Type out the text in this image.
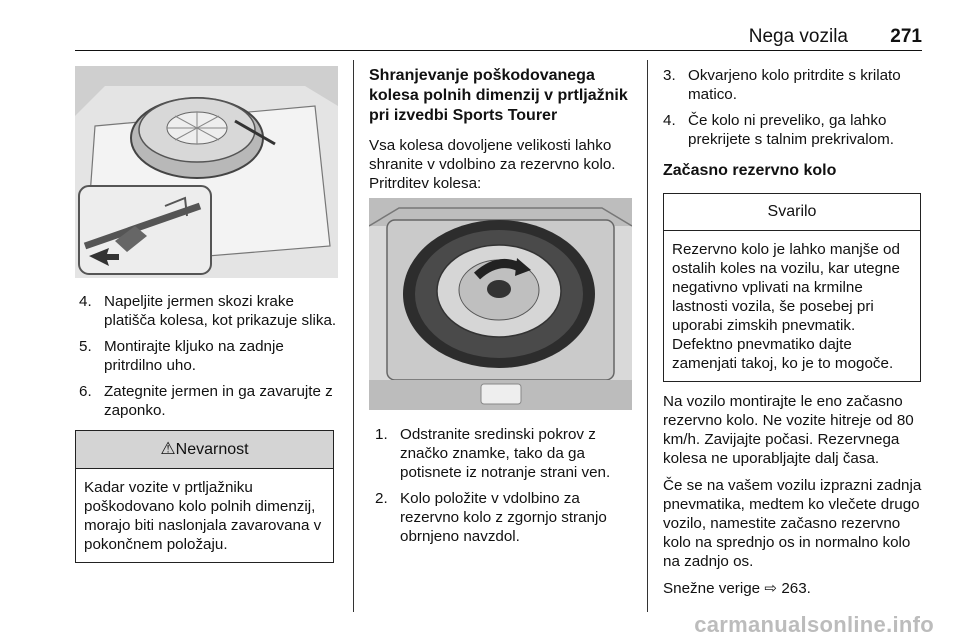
Nega vozila 271
4. Napeljite jermen skozi krake platišča kolesa, kot prikazuje slika.
5. Montirajte kljuko na zadnje pritrdilno uho.
6. Zategnite jermen in ga zavarujte z zaponko.
⚠Nevarnost
Kadar vozite v prtljažniku poškodovano kolo polnih dimenzij, morajo biti naslonjala zavarovana v pokončnem položaju.
Shranjevanje poškodovanega kolesa polnih dimenzij v prtljažnik pri izvedbi Sports Tourer

Vsa kolesa dovoljene velikosti lahko shranite v vdolbino za rezervno kolo. Pritrditev kolesa:

1. Odstranite sredinski pokrov z značko znamke, tako da ga potisnete iz notranje strani ven.
2. Kolo položite v vdolbino za rezervno kolo z zgornjo stranjo obrnjeno navzdol.
3. Okvarjeno kolo pritrdite s krilato matico.
4. Če kolo ni preveliko, ga lahko prekrijete s talnim prekrivalom.
Začasno rezervno kolo
Svarilo
Rezervno kolo je lahko manjše od ostalih koles na vozilu, kar utegne negativno vplivati na krmilne lastnosti vozila, še posebej pri uporabi zimskih pnevmatik. Defektno pnevmatiko dajte zamenjati takoj, ko je to mogoče.

Na vozilo montirajte le eno začasno rezervno kolo. Ne vozite hitreje od 80 km/h. Zavijajte počasi. Rezervnega kolesa ne uporabljajte dalj časa.

Če se na vašem vozilu izprazni zadnja pnevmatika, medtem ko vlečete drugo vozilo, namestite začasno rezervno kolo na sprednjo os in normalno kolo na zadnjo os.

Snežne verige ⇨ 263.

carmanualsonline.info
